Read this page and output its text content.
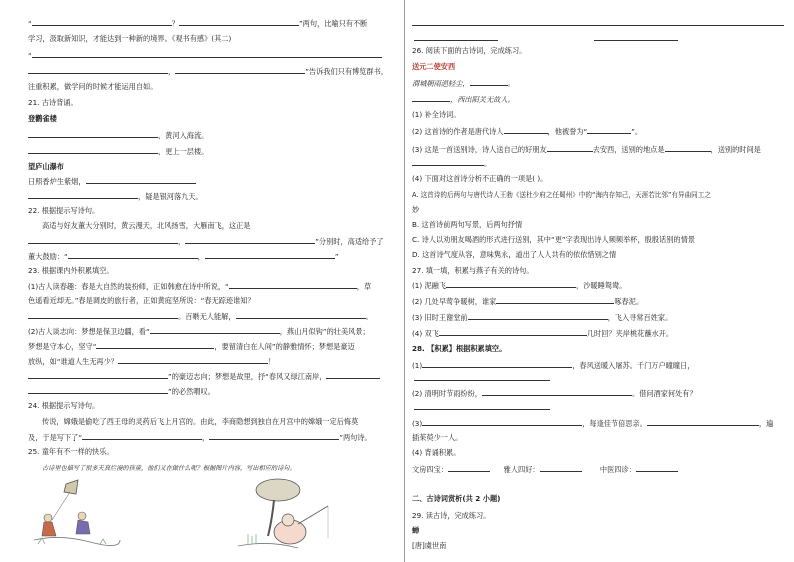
“	？	”两句，比喻只有不断
学习，汲取新知识，才能达到一种新的境界。《观书有感》(其二)
“
，	”告诉我们只有博览群书，
注重积累，做学问的时候才能运用自如。
21. 古诗背诵。
登鹳雀楼
，黄河入海流。
，更上一层楼。
望庐山瀑布
日照香炉生紫烟，
，疑是银河落九天。
22. 根据提示写诗句。
高适与好友董大分别时，黄云漫天，北风扬雪，大雁南飞，这正是
，	”分别时，高适给予了
董大鼓励：“	，	”
23. 根据课内外积累填空。
(1)古人读春趣：春是大自然的装扮师，正如韩愈在诗中所说，“	，草
色遥看近却无。”春是调皮的旅行者，正如黄庭坚所说：“春无踪迹谁知？
。百啭无人能解，	。
(2)古人谈志向：梦想是保卫边疆，看“	，燕山月似钩”的壮美风景；
梦想是守本心，坚守“	，要留清白在人间”的静雅情怀；梦想是豪迈
放纵，如“谁道人生无再少？	！
”的豪迈志向；梦想是故里，抒“春风又绿江南岸，
”的必然喟叹。
24. 根据提示写诗句。
传说，嫦娥是偷吃了西王母的灵药后飞上月宫的。由此，李商隐想到独自在月宫中的嫦娥一定后悔莫
及，于是写下了“	，	”两句诗。
25. 童年有不一样的快乐。
古诗里也描写了很多天真烂漫的孩童，他们又在做什么呢？根据图片内容，写出相应的诗句。
26. 阅读下面的古诗词，完成练习。
送元二使安西
渭城朝雨浥轻尘，	。
，西出阳关无故人。
(1) 补全诗词。
(2) 这首诗的作者是唐代诗人	，他被誉为“	”。
(3) 这是一首送别诗，诗人送自己的好朋友	去安西，送别的地点是	，送别的时间是
。
(4) 下面对这首诗分析不正确的一项是( )。
A. 这首诗的后两句与唐代诗人王勃《送杜少府之任蜀州》中的“海内存知己，天涯若比邻”有异曲同工之
妙
B. 这首诗前两句写景，后两句抒情
C. 诗人以劝朋友喝酒的形式进行送别，其中“更”字表现出诗人频频举杯，殷殷话别的情景
D. 这首诗气度从容，意味隽永，道出了人人共有的依依惜别之情
27. 填一填，积累与燕子有关的诗句。
(1) 泥融飞	，沙暖睡鸳鸯。
(2) 几处早莺争暖树，谁家	啄春泥。
(3) 旧时王谢堂前	，飞入寻常百姓家。
(4) 双飞	几时回？夹岸桃花蘸水开。
28. 【积累】根据积累填空。
(1)	，春风送暖入屠苏。千门万户曈曈日，
(2) 清明时节雨纷纷，	。借问酒家何处有？
(3)	，每逢佳节倍思亲。	，遍
插茱萸少一人。
(4) 背诵积累。
文房四宝：	雅人四好：	中医四诊：
二、古诗词赏析(共 2 小题)
29. 读古诗，完成练习。
蝉
[唐]虞世南
